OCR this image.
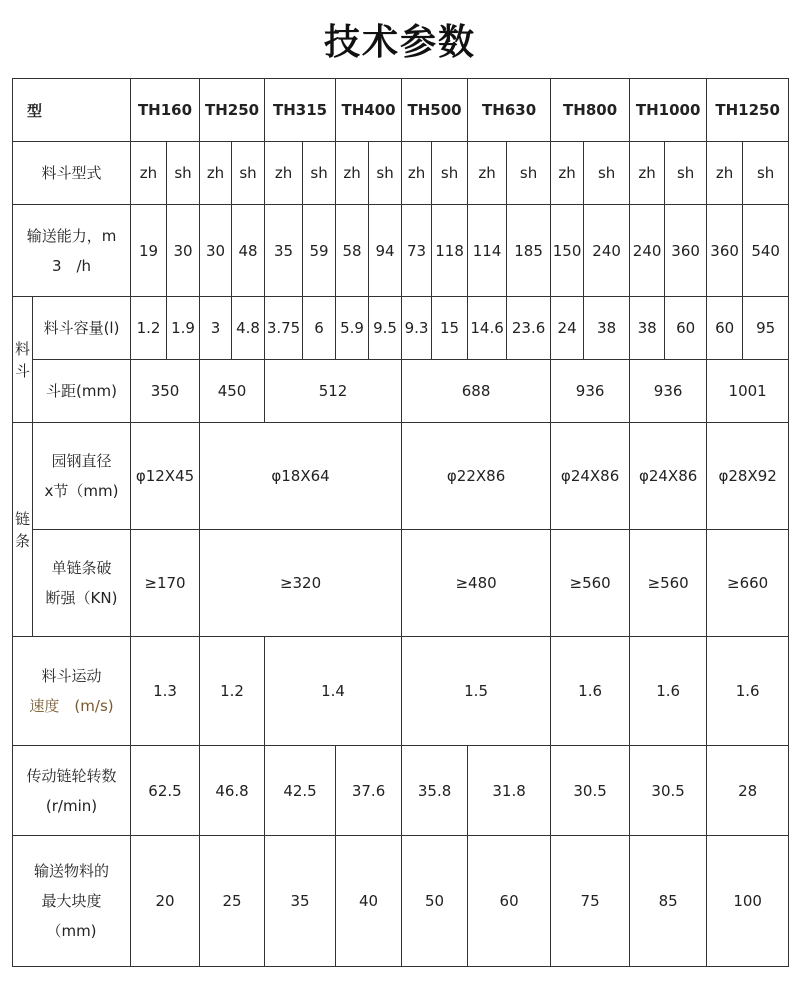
技术参数
型		TH160		TH250		TH315		TH400		TH500		TH630		TH800		TH1000		TH1250	
料斗型式		zh	sh	zh	sh	zh	sh	zh	sh	zh	sh	zh	sh	zh	sh	zh	sh	zh	sh

输送能力，m
3　/h		19	30	30	48	35	59	58	94	73	118	114	185	150	240	240	360	360	540

料斗	料斗容量(l)	1.2	1.9	3	4.8	3.75	6	5.9	9.5	9.3	15	14.6	23.6	24	38	38	60	60	95
	斗距(mm)	350		450		512				688				936		936		1001	

链条	园钢直径
x节（mm)	φ12X45		φ18X64						φ22X86				φ24X86		φ24X86		φ28X92	

	单链条破
断强（KN)	≥170		≥320						≥480				≥560		≥560		≥660	

料斗运动
速度　 (m/s)		1.3		1.2		1.4				1.5				1.6		1.6		1.6	

传动链轮转数
(r/min)		62.5		46.8		42.5		37.6		35.8		31.8		30.5		30.5		28	

输送物料的
最大块度
（mm)		20		25		35		40		50		60		75		85		100	
